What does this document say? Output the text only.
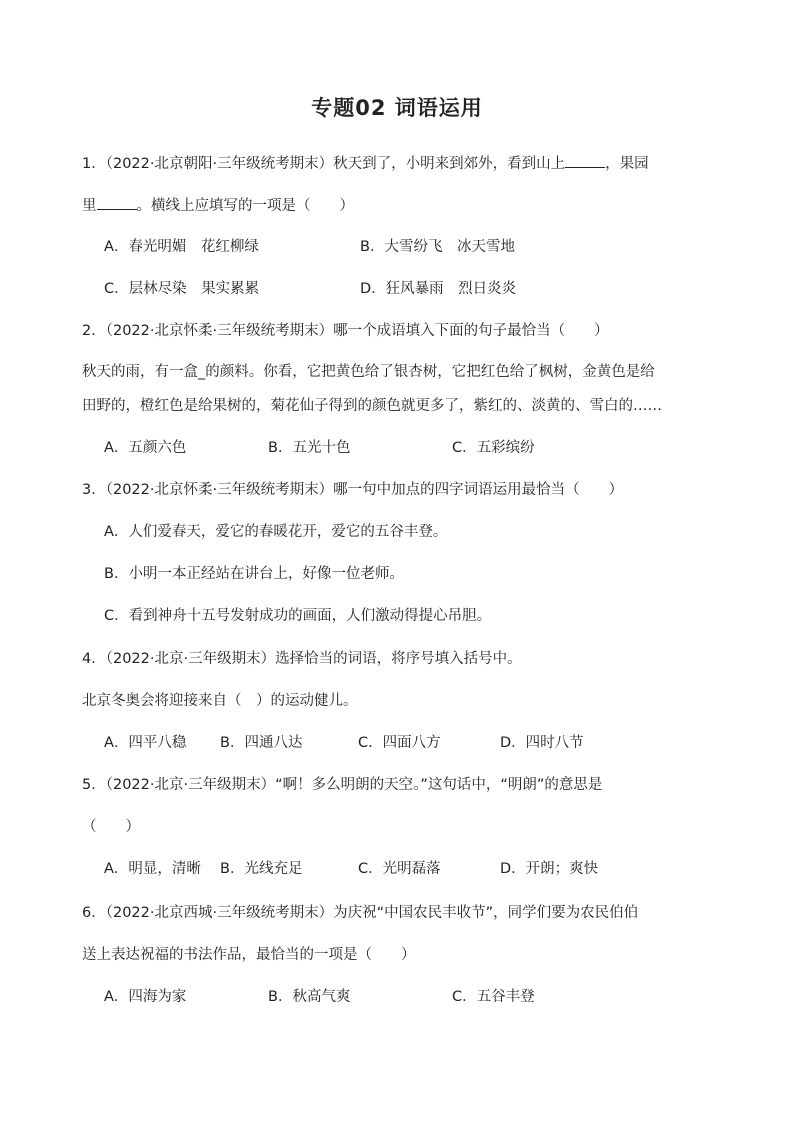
专题02 词语运用
1．（2022·北京朝阳·三年级统考期末）秋天到了，小明来到郊外，看到山上	，果园
里	。横线上应填写的一项是（　　）
A．春光明媚　花红柳绿	B．大雪纷飞　冰天雪地
C．层林尽染　果实累累	D．狂风暴雨　烈日炎炎
2．（2022·北京怀柔·三年级统考期末）哪一个成语填入下面的句子最恰当（　　）
秋天的雨，有一盒_的颜料。你看，它把黄色给了银杏树，它把红色给了枫树，金黄色是给
田野的，橙红色是给果树的，菊花仙子得到的颜色就更多了，紫红的、淡黄的、雪白的……
A．五颜六色	B．五光十色	C．五彩缤纷
3．（2022·北京怀柔·三年级统考期末）哪一句中加点的四字词语运用最恰当（　　）
A．人们爱春天，爱它的春暖花开，爱它的五谷丰登。
B．小明一本正经站在讲台上，好像一位老师。
C．看到神舟十五号发射成功的画面，人们激动得提心吊胆。
4．（2022·北京·三年级期末）选择恰当的词语，将序号填入括号中。
北京冬奥会将迎接来自（　）的运动健儿。
A．四平八稳 B．四通八达	C．四面八方	D．四时八节
5．（2022·北京·三年级期末）“啊！多么明朗的天空。”这句话中，“明朗”的意思是
（　　）
A．明显，清晰 B．光线充足	C．光明磊落	D．开朗；爽快
6．（2022·北京西城·三年级统考期末）为庆祝“中国农民丰收节”，同学们要为农民伯伯
送上表达祝福的书法作品，最恰当的一项是（　　）
A．四海为家	B．秋高气爽	C．五谷丰登
